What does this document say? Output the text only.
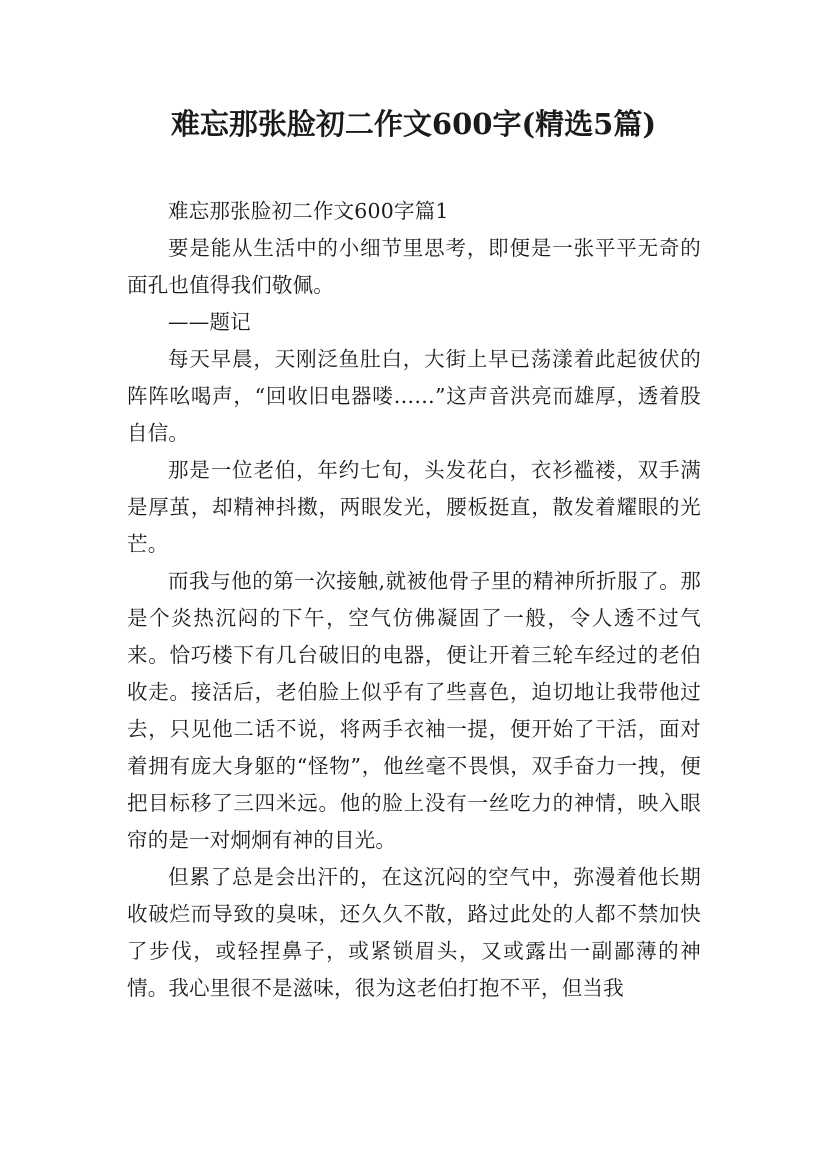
难忘那张脸初二作文600字(精选5篇)

难忘那张脸初二作文600字篇1

要是能从生活中的小细节里思考，即便是一张平平无奇的面孔也值得我们敬佩。

——题记

每天早晨，天刚泛鱼肚白，大街上早已荡漾着此起彼伏的阵阵吆喝声，“回收旧电器喽……”这声音洪亮而雄厚，透着股自信。

那是一位老伯，年约七旬，头发花白，衣衫褴褛，双手满是厚茧，却精神抖擞，两眼发光，腰板挺直，散发着耀眼的光芒。

而我与他的第一次接触,就被他骨子里的精神所折服了。那是个炎热沉闷的下午，空气仿佛凝固了一般，令人透不过气来。恰巧楼下有几台破旧的电器，便让开着三轮车经过的老伯收走。接活后，老伯脸上似乎有了些喜色，迫切地让我带他过去，只见他二话不说，将两手衣袖一提，便开始了干活，面对着拥有庞大身躯的“怪物”，他丝毫不畏惧，双手奋力一拽，便把目标移了三四米远。他的脸上没有一丝吃力的神情，映入眼帘的是一对炯炯有神的目光。

但累了总是会出汗的，在这沉闷的空气中，弥漫着他长期收破烂而导致的臭味，还久久不散，路过此处的人都不禁加快了步伐，或轻捏鼻子，或紧锁眉头，又或露出一副鄙薄的神情。我心里很不是滋味，很为这老伯打抱不平，但当我
